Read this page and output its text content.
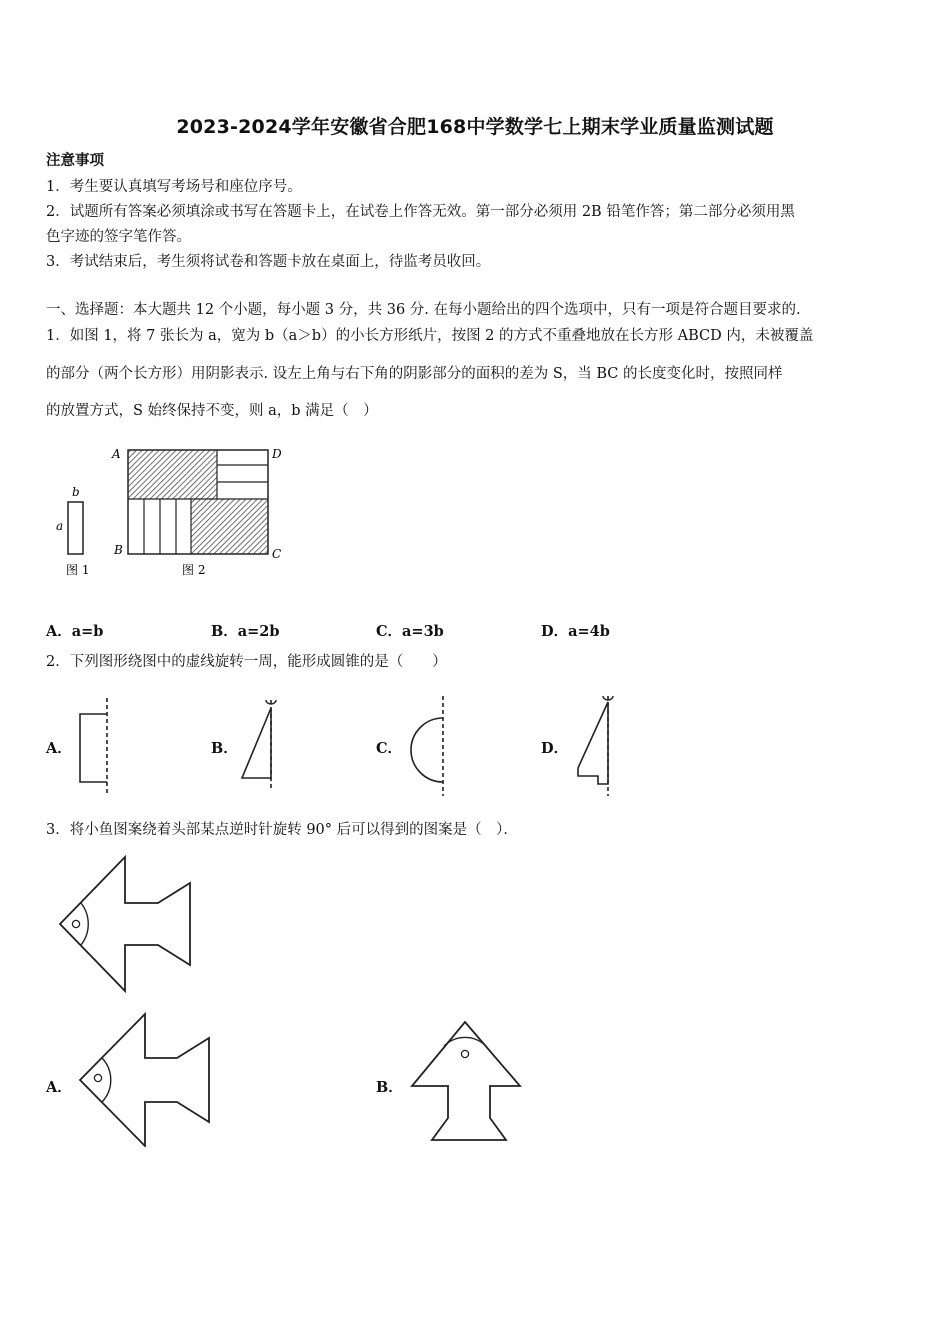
2023-2024学年安徽省合肥168中学数学七上期末学业质量监测试题
注意事项
1．考生要认真填写考场号和座位序号。
2．试题所有答案必须填涂或书写在答题卡上，在试卷上作答无效。第一部分必须用 2B 铅笔作答；第二部分必须用黑
色字迹的签字笔作答。
3．考试结束后，考生须将试卷和答题卡放在桌面上，待监考员收回。
一、选择题：本大题共 12 个小题，每小题 3 分，共 36 分. 在每小题给出的四个选项中，只有一项是符合题目要求的.
1．如图 1，将 7 张长为 a，宽为 b（a＞b）的小长方形纸片，按图 2 的方式不重叠地放在长方形 ABCD 内，未被覆盖
的部分（两个长方形）用阴影表示. 设左上角与右下角的阴影部分的面积的差为 S，当 BC 的长度变化时，按照同样
的放置方式，S 始终保持不变，则 a，b 满足（　）
b
a
图 1
A	D
B	C
图 2
A．a=b	B．a=2b	C．a=3b	D．a=4b
2．下列图形绕图中的虚线旋转一周，能形成圆锥的是（　　）
A．	B．	C．	D．
3．将小鱼图案绕着头部某点逆时针旋转 90° 后可以得到的图案是（　）．
A．	B．
